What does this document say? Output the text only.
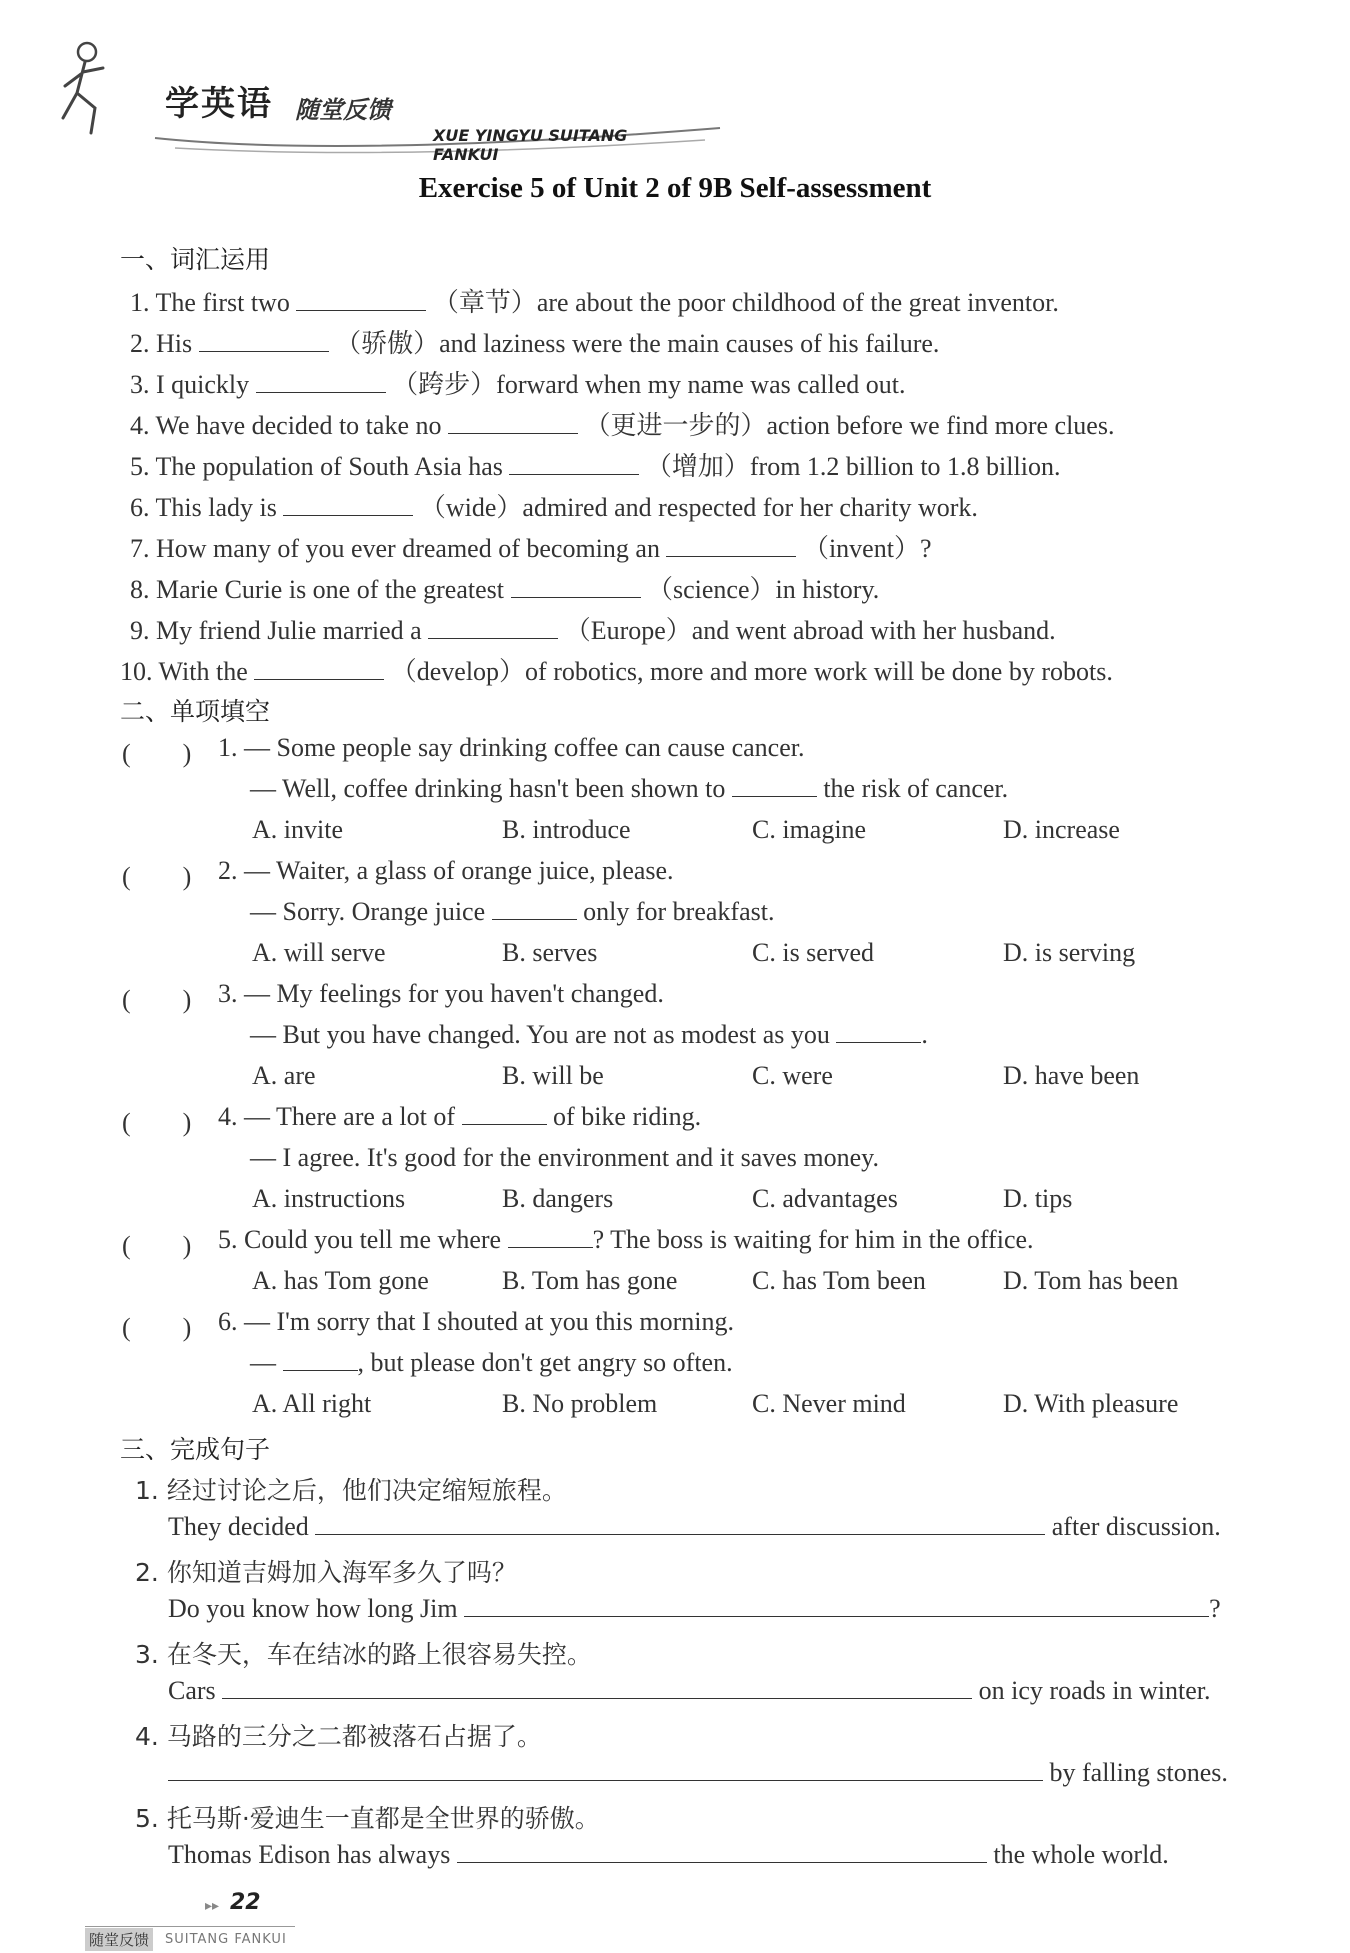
学英语 随堂反馈
XUE YINGYU SUITANG FANKUI
Exercise 5 of Unit 2 of 9B Self-assessment
一、词汇运用
1. The first two	（章节）are about the poor childhood of the great inventor.
2. His	（骄傲）and laziness were the main causes of his failure.
3. I quickly	（跨步）forward when my name was called out.
4. We have decided to take no	（更进一步的）action before we find more clues.
5. The population of South Asia has	（增加）from 1.2 billion to 1.8 billion.
6. This lady is	（wide）admired and respected for her charity work.
7. How many of you ever dreamed of becoming an	（invent）?
8. Marie Curie is one of the greatest	（science）in history.
9. My friend Julie married a	（Europe）and went abroad with her husband.
10. With the	（develop）of robotics, more and more work will be done by robots.
二、单项填空
(　　) 1. — Some people say drinking coffee can cause cancer.
— Well, coffee drinking hasn't been shown to	the risk of cancer.
A. invite	B. introduce	C. imagine	D. increase
(　　) 2. — Waiter, a glass of orange juice, please.
— Sorry. Orange juice	only for breakfast.
A. will serve	B. serves	C. is served	D. is serving
(　　) 3. — My feelings for you haven't changed.
— But you have changed. You are not as modest as you	.
A. are	B. will be	C. were	D. have been
(　　) 4. — There are a lot of	of bike riding.
— I agree. It's good for the environment and it saves money.
A. instructions	B. dangers	C. advantages	D. tips
(　　) 5. Could you tell me where	? The boss is waiting for him in the office.
A. has Tom gone	B. Tom has gone	C. has Tom been	D. Tom has been
(　　) 6. — I'm sorry that I shouted at you this morning.
—	, but please don't get angry so often.
A. All right	B. No problem	C. Never mind	D. With pleasure
三、完成句子
1. 经过讨论之后，他们决定缩短旅程。
They decided	after discussion.
2. 你知道吉姆加入海军多久了吗？
Do you know how long Jim	?
3. 在冬天，车在结冰的路上很容易失控。
Cars	on icy roads in winter.
4. 马路的三分之二都被落石占据了。
by falling stones.
5. 托马斯·爱迪生一直都是全世界的骄傲。
Thomas Edison has always	the whole world.
▸▸ 22
随堂反馈	SUITANG FANKUI
